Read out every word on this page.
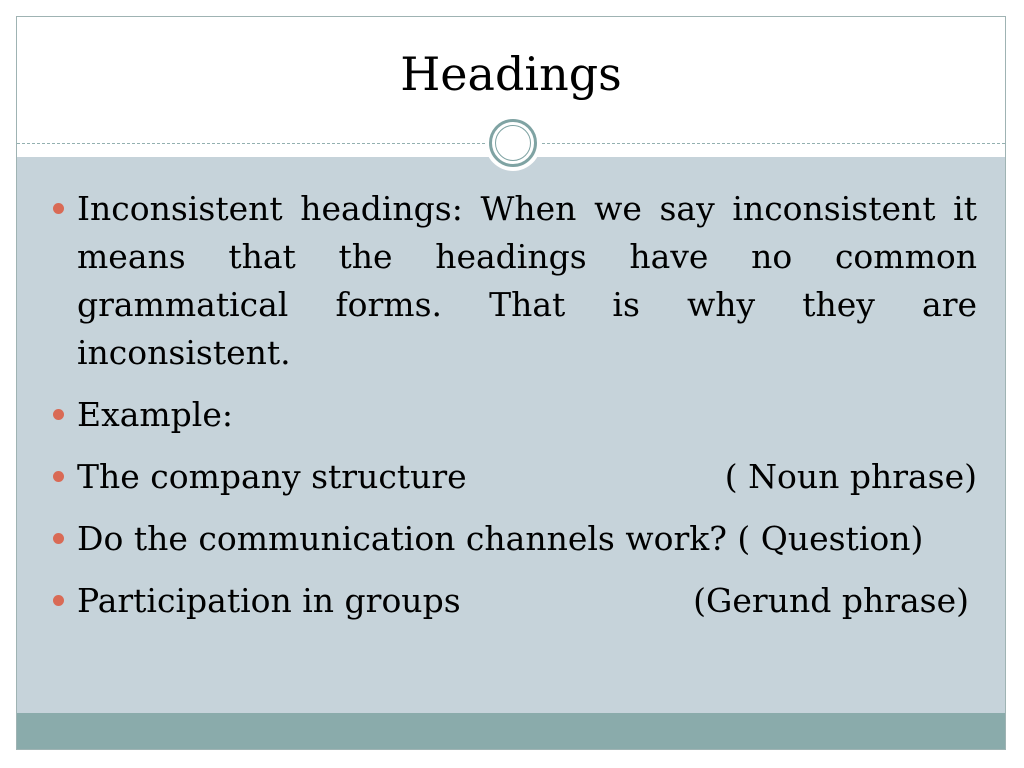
Headings
Inconsistent headings: When we say inconsistent it means that the headings have no common grammatical forms. That is why they are inconsistent.
Example:
The company structure	( Noun phrase)
Do the communication channels work? ( Question)
Participation in groups	(Gerund phrase)
